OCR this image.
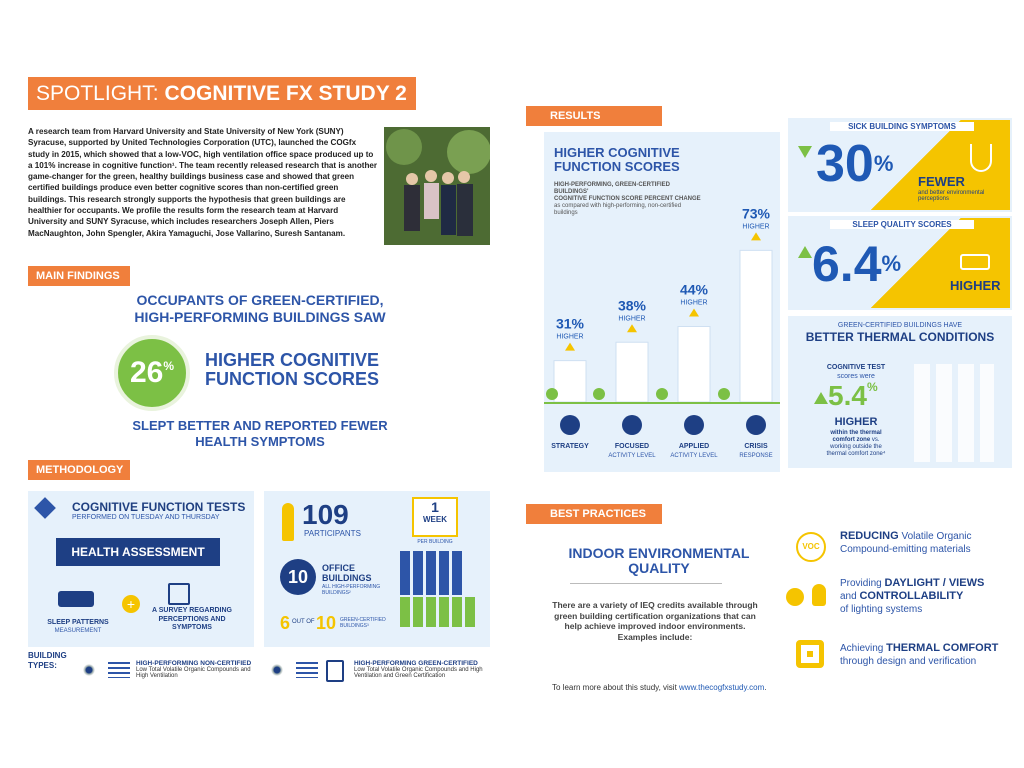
SPOTLIGHT: COGNITIVE FX STUDY 2
A research team from Harvard University and State University of New York (SUNY) Syracuse, supported by United Technologies Corporation (UTC), launched the COGfx study in 2015, which showed that a low-VOC, high ventilation office space produced up to a 101% increase in cognitive function¹. The team recently released research that is another game-changer for the green, healthy buildings business case and showed that green certified buildings produce even better cognitive scores than non-certified green buildings. This research strongly supports the hypothesis that green buildings are healthier for occupants. We profile the results form the research team at Harvard University and SUNY Syracuse, which includes researchers Joseph Allen, Piers MacNaughton, John Spengler, Akira Yamaguchi, Jose Vallarino, Suresh Santanam.
MAIN FINDINGS
OCCUPANTS OF GREEN-CERTIFIED,
HIGH-PERFORMING BUILDINGS SAW
26 % HIGHER COGNITIVE
FUNCTION SCORES
SLEPT BETTER AND REPORTED FEWER
HEALTH SYMPTOMS
METHODOLOGY
COGNITIVE FUNCTION TESTS
PERFORMED ON TUESDAY AND THURSDAY
HEALTH ASSESSMENT
+
SLEEP PATTERNS
MEASUREMENT
A SURVEY REGARDING PERCEPTIONS AND SYMPTOMS
109
PARTICIPANTS
1
WEEK
PER BUILDING
10	OFFICE BUILDINGS
ALL HIGH-PERFORMING BUILDINGS²
6 OUT OF 10 GREEN-CERTIFIED BUILDINGS³
BUILDING TYPES:	HIGH-PERFORMING NON-CERTIFIED
Low Total Volatile Organic Compounds and High Ventilation
HIGH-PERFORMING GREEN-CERTIFIED
Low Total Volatile Organic Compounds and High Ventilation and Green Certification
RESULTS
HIGHER COGNITIVE
FUNCTION SCORES
HIGH-PERFORMING, GREEN-CERTIFIED BUILDINGS'
COGNITIVE FUNCTION SCORE PERCENT CHANGE
as compared with high-performing, non-certified buildings
31%
HIGHER
STRATEGY
38%
HIGHER
FOCUSED
ACTIVITY LEVEL
44%
HIGHER
APPLIED
ACTIVITY LEVEL
73%
HIGHER
CRISIS
RESPONSE
SICK BUILDING SYMPTOMS
30%
FEWER
and better environmental perceptions
SLEEP QUALITY SCORES
6.4%
HIGHER
GREEN-CERTIFIED BUILDINGS HAVE
BETTER THERMAL CONDITIONS
COGNITIVE TEST
scores were
5.4%
HIGHER
within the thermal
comfort zone vs.
working outside the
thermal comfort zone⁴
BEST PRACTICES
INDOOR ENVIRONMENTAL
QUALITY
There are a variety of IEQ credits available through green building certification organizations that can help achieve improved indoor environments. Examples include:
VOC
REDUCING Volatile Organic
Compound-emitting materials
Providing DAYLIGHT / VIEWS
and CONTROLLABILITY
of lighting systems
Achieving THERMAL COMFORT
through design and verification
To learn more about this study, visit www.thecogfxstudy.com.
